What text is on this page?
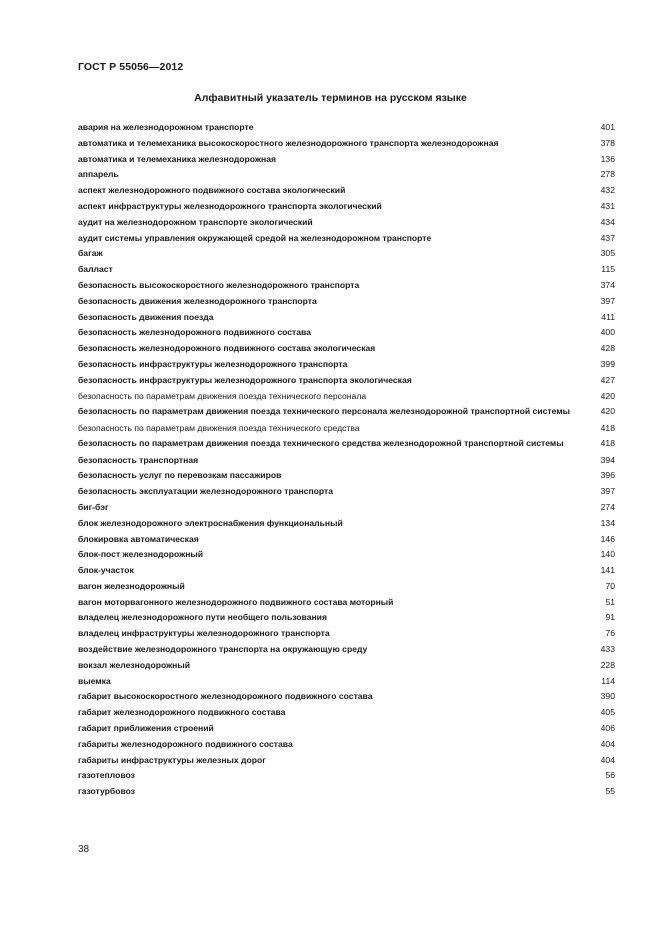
ГОСТ Р 55056—2012
Алфавитный указатель терминов на русском языке
авария на железнодорожном транспорте	401
автоматика и телемеханика высокоскоростного железнодорожного транспорта железнодорожная	378
автоматика и телемеханика железнодорожная	136
аппарель	278
аспект железнодорожного подвижного состава экологический	432
аспект инфраструктуры железнодорожного транспорта экологический	431
аудит на железнодорожном транспорте экологический	434
аудит системы управления окружающей средой на железнодорожном транспорте	437
багаж	305
балласт	115
безопасность высокоскоростного железнодорожного транспорта	374
безопасность движения железнодорожного транспорта	397
безопасность движения поезда	411
безопасность железнодорожного подвижного состава	400
безопасность железнодорожного подвижного состава экологическая	428
безопасность инфраструктуры железнодорожного транспорта	399
безопасность инфраструктуры железнодорожного транспорта экологическая	427
безопасность по параметрам движения поезда технического персонала	420
безопасность по параметрам движения поезда технического персонала железнодорожной транспортной системы	420
безопасность по параметрам движения поезда технического средства	418
безопасность по параметрам движения поезда технического средства железнодорожной транспортной системы	418
безопасность транспортная	394
безопасность услуг по перевозкам пассажиров	396
безопасность эксплуатации железнодорожного транспорта	397
биг-бэг	274
блок железнодорожного электроснабжения функциональный	134
блокировка автоматическая	146
блок-пост железнодорожный	140
блок-участок	141
вагон железнодорожный	70
вагон моторвагонного железнодорожного подвижного состава моторный	51
владелец железнодорожного пути необщего пользования	91
владелец инфраструктуры железнодорожного транспорта	76
воздействие железнодорожного транспорта на окружающую среду	433
вокзал железнодорожный	228
выемка	114
габарит высокоскоростного железнодорожного подвижного состава	390
габарит железнодорожного подвижного состава	405
габарит приближения строений	406
габариты железнодорожного подвижного состава	404
габариты инфраструктуры железных дорог	404
газотепловоз	56
газотурбовоз	55
38
